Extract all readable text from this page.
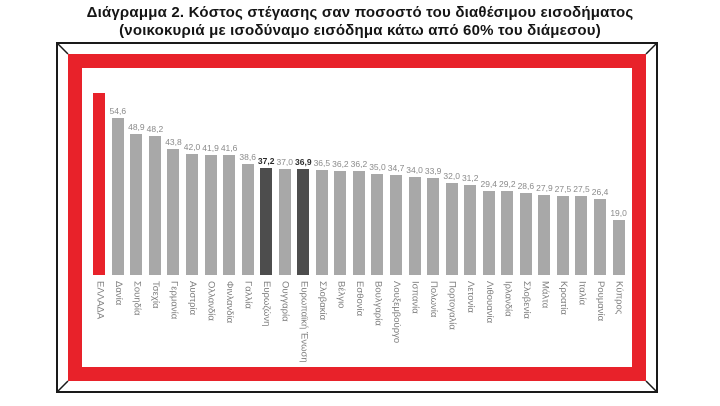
Διάγραμμα 2. Κόστος στέγασης σαν ποσοστό του διαθέσιμου εισοδήματος
(νοικοκυριά με ισοδύναμο εισόδημα κάτω από 60% του διάμεσου)
54,6
48,9 48,2
43,8
42,0 41,9 41,6
38,6 37,2 37,0 36,9 36,5 36,2 36,2 35,0 34,7 34,0 33,9
32,0 31,2
29,4 29,2 28,6 27,9 27,5 27,5 26,4
19,0
ΕΛΛΑΔΑ Δανία Σουηδία Τσεχία Γερμανία Αυστρία Ολλανδία Φινλανδία Γαλλία Ευρωζώνη Ουγγαρία Ευρωπαϊκή Ένωση Σλοβακία Βέλγιο Εσθονία Βουλγαρία Λουξεμβούργο Ισπανία Πολωνία Πορτογαλία Λετονία Λιθουανία Ιρλανδία Σλοβενία Μάλτα Κροατία Ιταλία Ρουμανία Κύπρος
